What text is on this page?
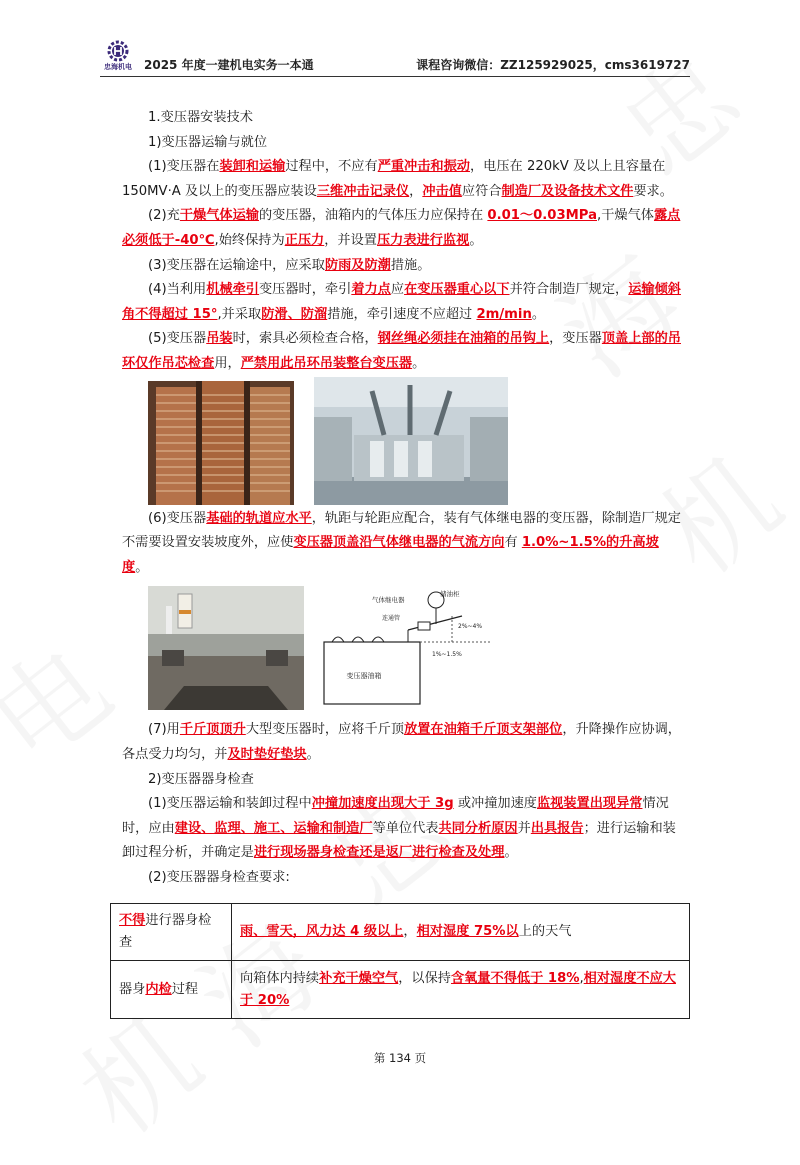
忠海机电	2025 年度一建机电实务一本通	课程咨询微信：ZZ125929025，cms3619727

1.变压器安装技术

1)变压器运输与就位

(1)变压器在装卸和运输过程中，不应有严重冲击和振动，电压在 220kV 及以上且容量在 150MV·A 及以上的变压器应装设三维冲击记录仪，冲击值应符合制造厂及设备技术文件要求。

(2)充干燥气体运输的变压器，油箱内的气体压力应保持在 0.01～0.03MPa,干燥气体露点必须低于-40℃,始终保持为正压力，并设置压力表进行监视。

(3)变压器在运输途中，应采取防雨及防潮措施。

(4)当利用机械牵引变压器时，牵引着力点应在变压器重心以下并符合制造厂规定，运输倾斜角不得超过 15°,并采取防滑、防溜措施，牵引速度不应超过 2m/min。

(5)变压器吊装时，索具必须检查合格，钢丝绳必须挂在油箱的吊钩上，变压器顶盖上部的吊环仅作吊芯检查用，严禁用此吊环吊装整台变压器。

(6)变压器基础的轨道应水平，轨距与轮距应配合，装有气体继电器的变压器，除制造厂规定不需要设置安装坡度外，应使变压器顶盖沿气体继电器的气流方向有 1.0%~1.5%的升高坡度。

变压器油箱
气体继电器
储油柜
连通管
2%~4%
1%~1.5%

(7)用千斤顶顶升大型变压器时，应将千斤顶放置在油箱千斤顶支架部位，升降操作应协调，各点受力均匀，并及时垫好垫块。

2)变压器器身检查

(1)变压器运输和装卸过程中冲撞加速度出现大于 3g 或冲撞加速度监视装置出现异常情况时，应由建设、监理、施工、运输和制造厂等单位代表共同分析原因并出具报告；进行运输和装卸过程分析，并确定是进行现场器身检查还是返厂进行检查及处理。

(2)变压器器身检查要求:

不得进行器身检查	雨、雪天，风力达 4 级以上，相对湿度 75%以上的天气
器身内检过程	向箱体内持续补充干燥空气，以保持含氧量不得低于 18%,相对湿度不应大于 20%
第 134 页
